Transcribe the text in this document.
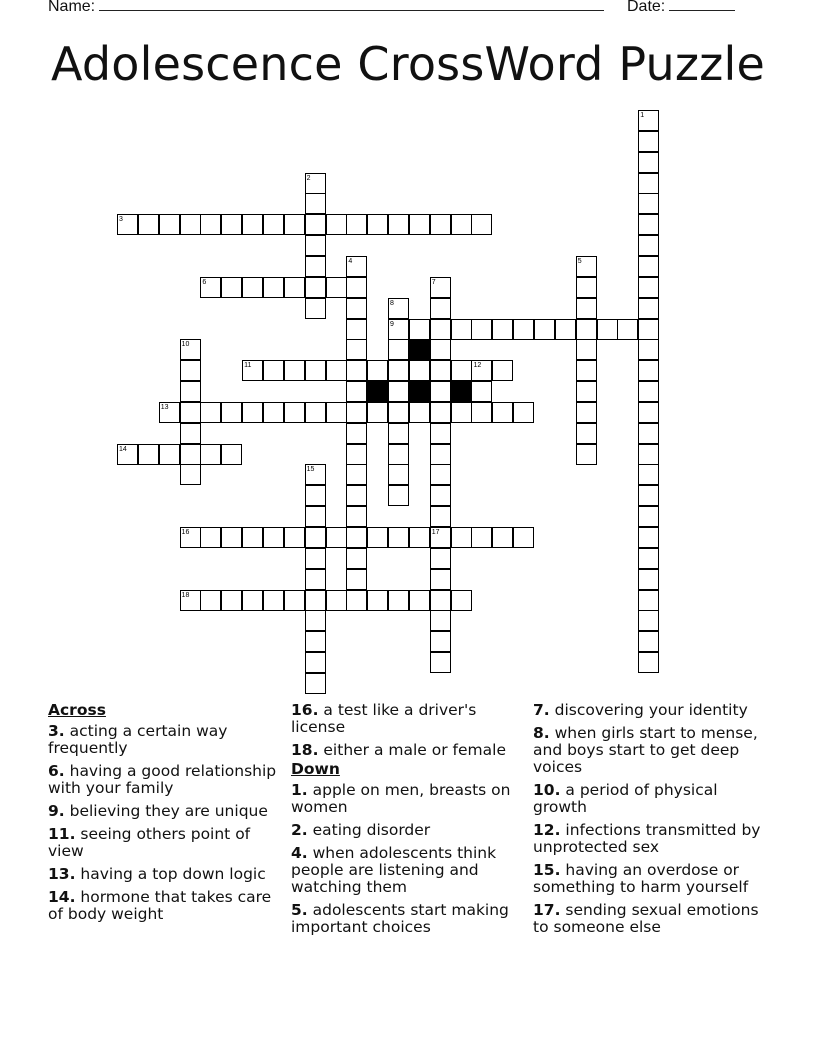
Name:	Date:
Adolescence CrossWord Puzzle
1
2
3
4	5
6	7
8
9
10
11	12
13
14
15
16	17
18
Across
3. acting a certain way frequently
6. having a good relationship with your family
9. believing they are unique
11. seeing others point of view
13. having a top down logic
14. hormone that takes care of body weight
16. a test like a driver's license
18. either a male or female
Down
1. apple on men, breasts on women
2. eating disorder
4. when adolescents think people are listening and watching them
5. adolescents start making important choices
7. discovering your identity
8. when girls start to mense, and boys start to get deep voices
10. a period of physical growth
12. infections transmitted by unprotected sex
15. having an overdose or something to harm yourself
17. sending sexual emotions to someone else
